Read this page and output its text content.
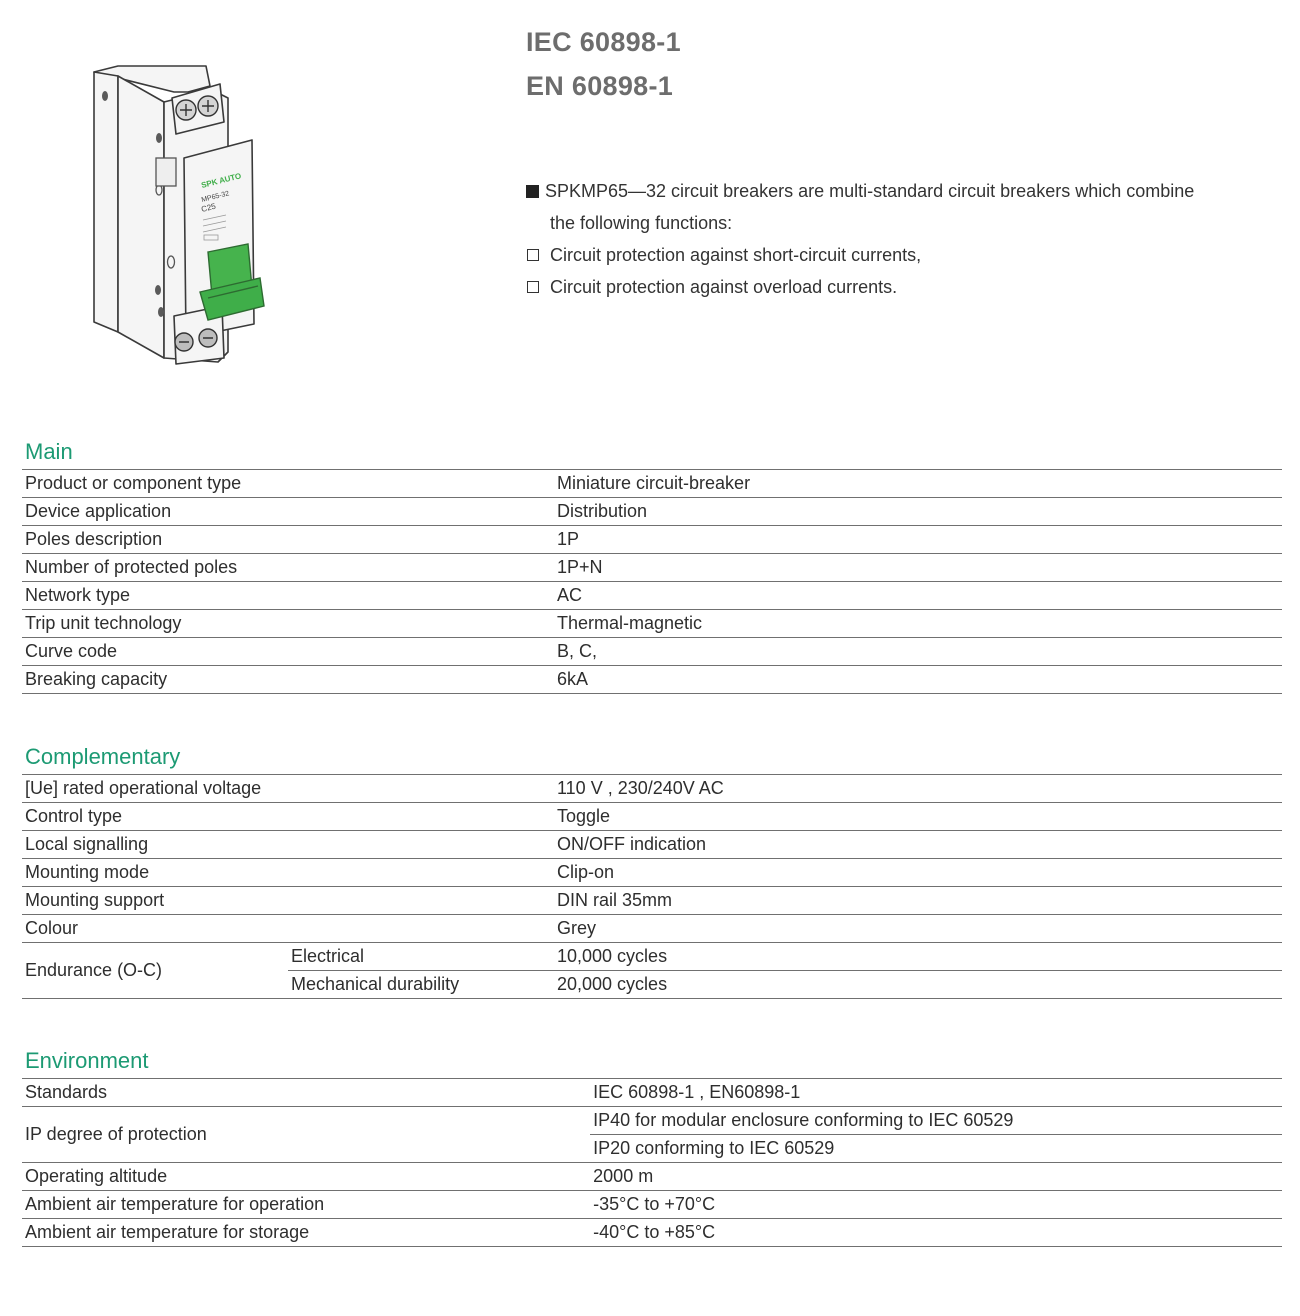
SPK AUTO
MP65-32
C25
IEC 60898-1
EN 60898-1
SPKMP65—32 circuit breakers are multi-standard circuit breakers which combine
the following functions:
Circuit protection against short-circuit currents,
Circuit protection against overload currents.
Main
Product or component type		Miniature circuit-breaker
Device application		Distribution
Poles description		1P
Number of protected poles		1P+N
Network type		AC
Trip unit technology		Thermal-magnetic
Curve code		B, C,
Breaking capacity		6kA
Complementary
[Ue] rated operational voltage		110 V , 230/240V AC
Control type		Toggle
Local signalling		ON/OFF indication
Mounting mode		Clip-on
Mounting support		DIN rail 35mm
Colour		Grey
Endurance (O-C)	Electrical	10,000 cycles
	Mechanical durability	20,000 cycles
Environment
Standards		IEC 60898-1 , EN60898-1
IP degree of protection		IP40 for modular enclosure conforming to IEC 60529
		IP20 conforming to IEC 60529
Operating altitude		2000 m
Ambient air temperature for operation		-35°C to +70°C
Ambient air temperature for storage		-40°C to +85°C
